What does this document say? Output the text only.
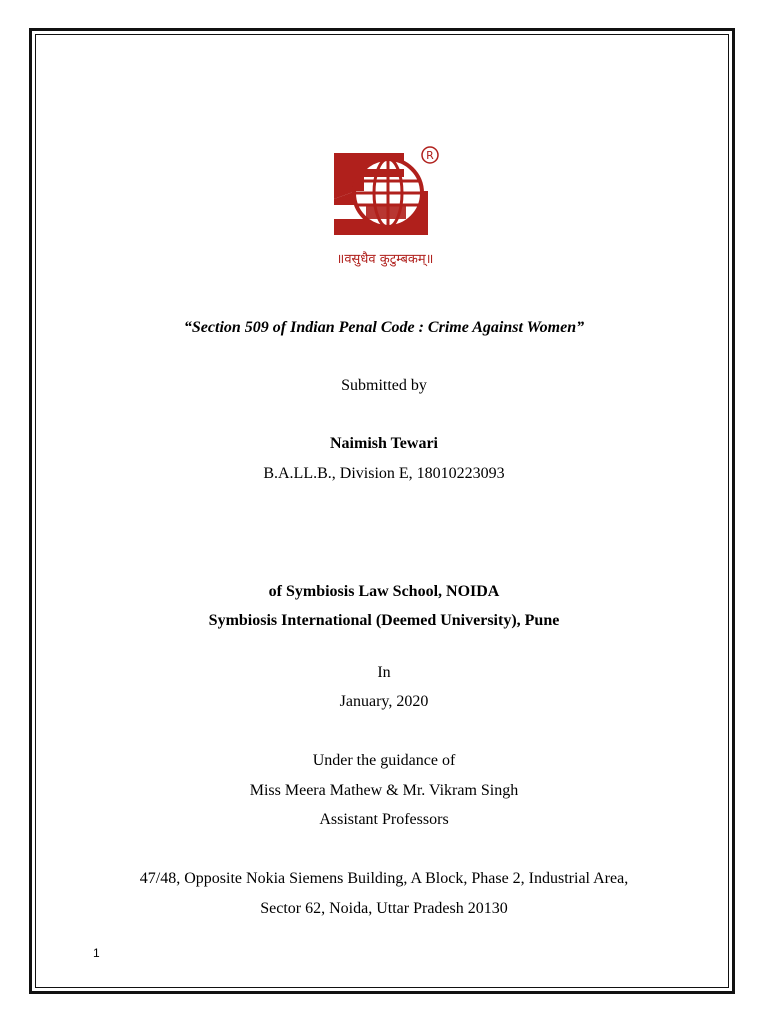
R
॥वसुधैव कुटुम्बकम्॥
“Section 509 of Indian Penal Code : Crime Against Women”
Submitted by
Naimish Tewari
B.A.LL.B., Division E, 18010223093
of Symbiosis Law School, NOIDA
Symbiosis International (Deemed University), Pune
In
January, 2020
Under the guidance of
Miss Meera Mathew & Mr. Vikram Singh
Assistant Professors
47/48, Opposite Nokia Siemens Building, A Block, Phase 2, Industrial Area,
Sector 62, Noida, Uttar Pradesh 20130
1
